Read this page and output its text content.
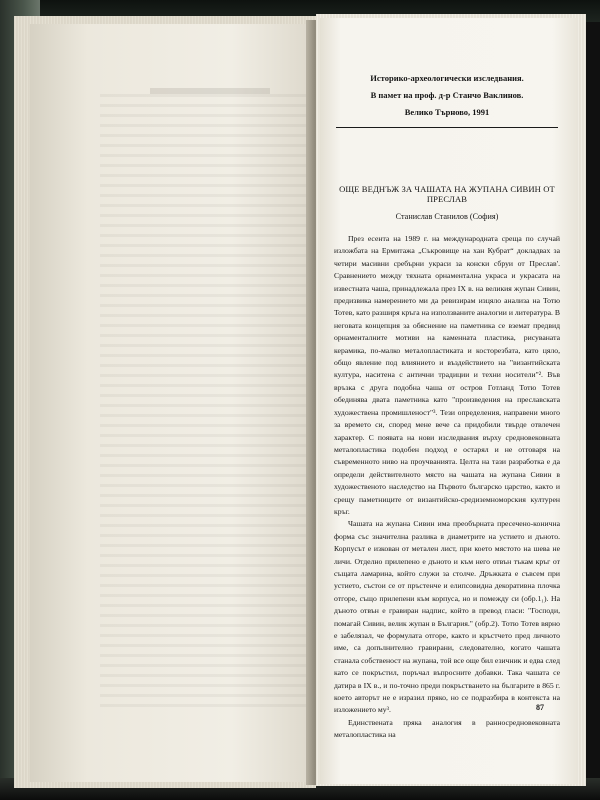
Историко-археологически изследвания.
В памет на проф. д-р Станчо Ваклинов.
Велико Търново, 1991
ОЩЕ ВЕДНЪЖ ЗА ЧАШАТА НА ЖУПАНА СИВИН ОТ ПРЕСЛАВ
Станислав Станилов (София)

През есента на 1989 г. на международната среща по случай изложбата на Ермитажа „Съкровище на хан Кубрат“ докладвах за четири масивни сребърни украси за конски сбруи от Преслав'. Сравнението между тяхната орнаментална украса и украсата на известната чаша, принадлежала през IX в. на великия жупан Сивин, предизвика намерението ми да ревизирам изцяло анализа на Тотю Тотев, като разширя кръга на използваните аналогии и литература. В неговата концепция за обяснение на паметника се вземат предвид орнаменталните мотиви на каменната пластика, рисуваната керамика, по-малко металопластиката и косторезбата, като цяло, общо явление под влиянието и въздействието на "византийската култура, наситена с антични традиции и техни носители"². Във връзка с друга подобна чаша от остров Готланд Тотю Тотев обединява двата паметника като "произведения на преславската художествена промишленост"³. Тези определения, направени много за времето си, според мене вече са придобили твърде отвлечен характер. С появата на нови изследвания върху средновековната металопластика подобен подход е остарял и не отговаря на съвременното ниво на проучванията. Целта на тази разработка е да определи действителното място на чашата на жупана Сивин в художественото наследство на Първото българско царство, както и срещу паметниците от византийско-средиземноморския културен кръг.

Чашата на жупана Сивин има преобърната пресечено-конична форма със значителна разлика в диаметрите на устието и дъното. Корпусът е изкован от метален лист, при което мястото на шева не личи. Отделно прилепено е дъното и към него отвън тъкам кръг от същата ламарина, който служи за столче. Дръжката е съвсем при устието, състои се от пръстенче и елипсовидна декоративна плочка отгоре, също прилепени към корпуса, но и помежду си (обр.1₁). На дъното отвън е гравиран надпис, който в превод гласи: "Господи, помагай Сивин, велик жупан в България." (обр.2). Тотю Тотев вярно е забелязал, че формулата отгоре, както и кръстчето пред личното име, са допълнително гравирани, следователно, когато чашата станала собственост на жупана, той все още бил езичник и едва след като се покръстил, поръчал въпросните добавки. Така чашата се датира в IX в., и по-точно преди покръстването на българите в 865 г. което авторът не е изразил пряко, но се подразбира в контекста на изложението му³.

Единствената пряка аналогия в ранносредновековната металопластика на

87
